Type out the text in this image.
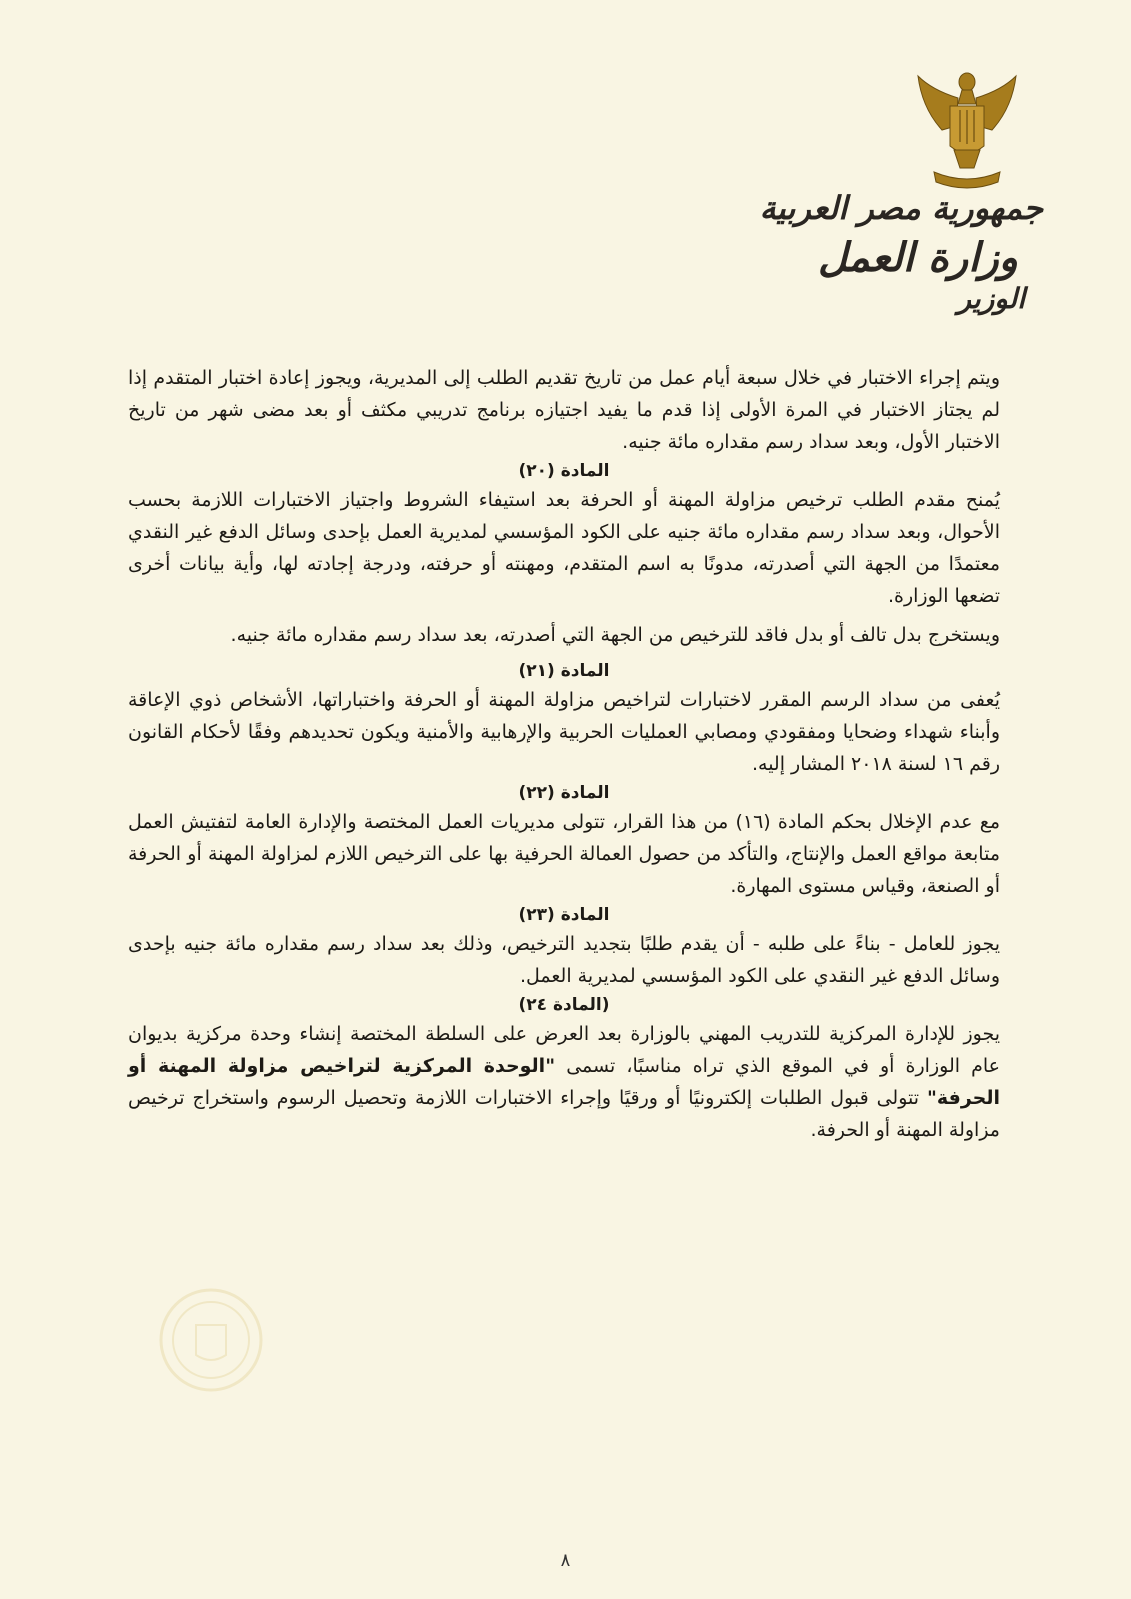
جمهورية مصر العربية
وزارة العمل
الوزير

ويتم إجراء الاختبار في خلال سبعة أيام عمل من تاريخ تقديم الطلب إلى المديرية، ويجوز إعادة اختبار المتقدم إذا لم يجتاز الاختبار في المرة الأولى إذا قدم ما يفيد اجتيازه برنامج تدريبي مكثف أو بعد مضى شهر من تاريخ الاختبار الأول، وبعد سداد رسم مقداره مائة جنيه.

المادة (٢٠)

يُمنح مقدم الطلب ترخيص مزاولة المهنة أو الحرفة بعد استيفاء الشروط واجتياز الاختبارات اللازمة بحسب الأحوال، وبعد سداد رسم مقداره مائة جنيه على الكود المؤسسي لمديرية العمل بإحدى وسائل الدفع غير النقدي معتمدًا من الجهة التي أصدرته، مدونًا به اسم المتقدم، ومهنته أو حرفته، ودرجة إجادته لها، وأية بيانات أخرى تضعها الوزارة.

ويستخرج بدل تالف أو بدل فاقد للترخيص من الجهة التي أصدرته، بعد سداد رسم مقداره مائة جنيه.

المادة (٢١)

يُعفى من سداد الرسم المقرر لاختبارات لتراخيص مزاولة المهنة أو الحرفة واختباراتها، الأشخاص ذوي الإعاقة وأبناء شهداء وضحايا ومفقودي ومصابي العمليات الحربية والإرهابية والأمنية ويكون تحديدهم وفقًا لأحكام القانون رقم ١٦ لسنة ٢٠١٨ المشار إليه.

المادة (٢٢)

مع عدم الإخلال بحكم المادة (١٦) من هذا القرار، تتولى مديريات العمل المختصة والإدارة العامة لتفتيش العمل متابعة مواقع العمل والإنتاج، والتأكد من حصول العمالة الحرفية بها على الترخيص اللازم لمزاولة المهنة أو الحرفة أو الصنعة، وقياس مستوى المهارة.

المادة (٢٣)

يجوز للعامل - بناءً على طلبه - أن يقدم طلبًا بتجديد الترخيص، وذلك بعد سداد رسم مقداره مائة جنيه بإحدى وسائل الدفع غير النقدي على الكود المؤسسي لمديرية العمل.

(المادة ٢٤)

يجوز للإدارة المركزية للتدريب المهني بالوزارة بعد العرض على السلطة المختصة إنشاء وحدة مركزية بديوان عام الوزارة أو في الموقع الذي تراه مناسبًا، تسمى "الوحدة المركزية لتراخيص مزاولة المهنة أو الحرفة" تتولى قبول الطلبات إلكترونيًا أو ورقيًا وإجراء الاختبارات اللازمة وتحصيل الرسوم واستخراج ترخيص مزاولة المهنة أو الحرفة.

٨
